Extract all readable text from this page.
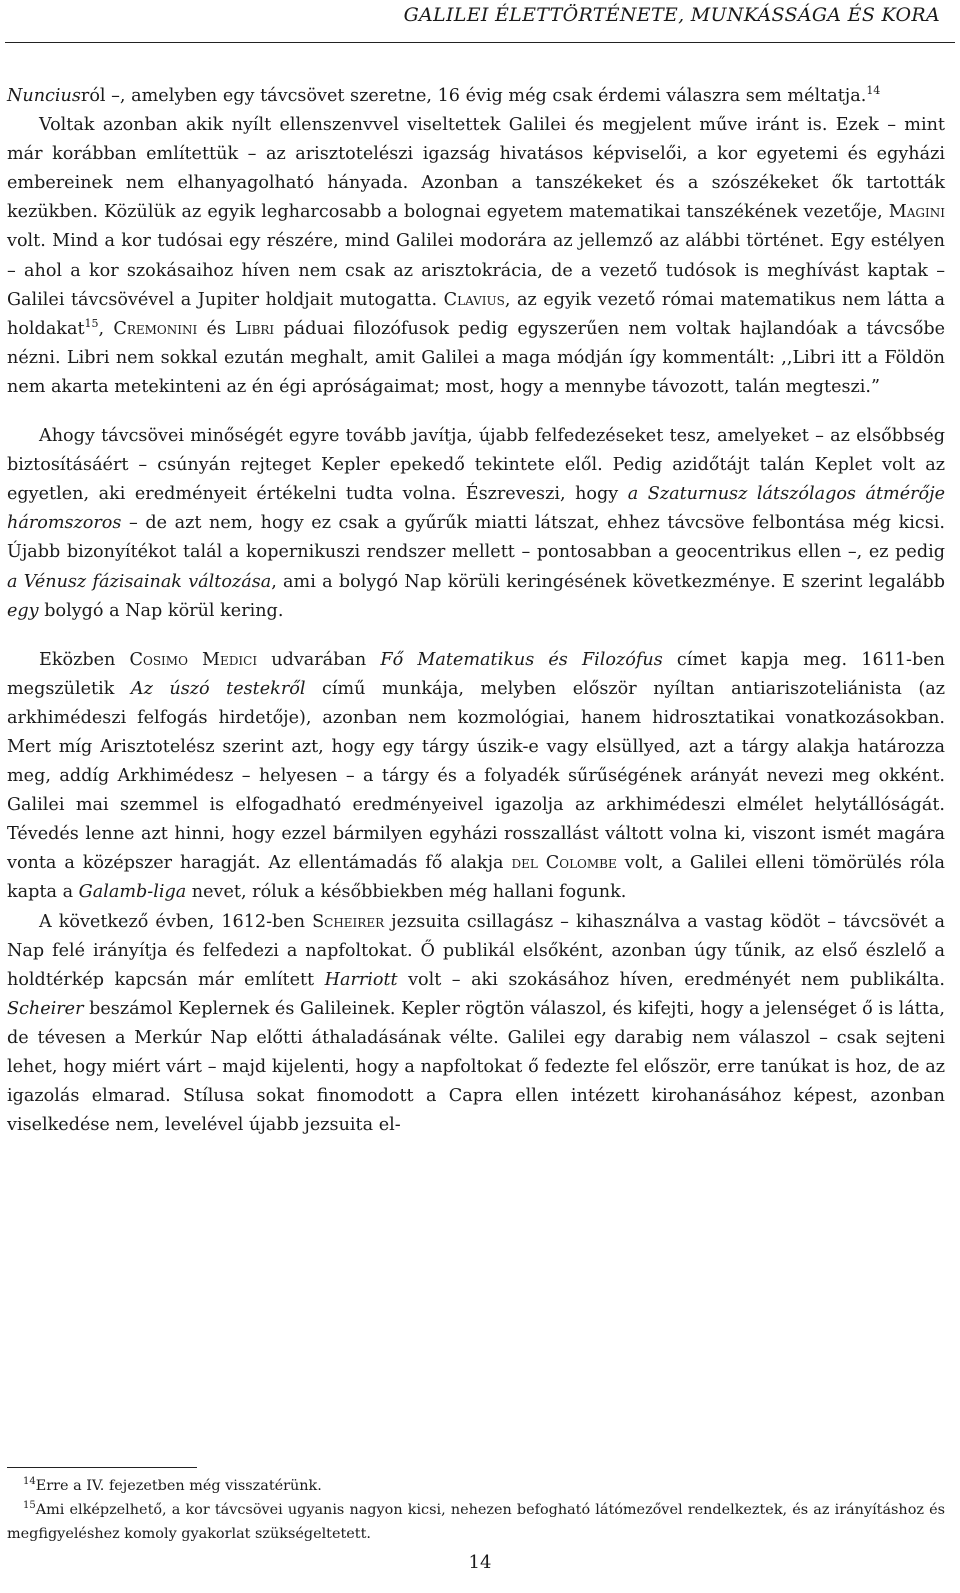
GALILEI ÉLETTÖRTÉNETE, MUNKÁSSÁGA ÉS KORA

Nunciusról –, amelyben egy távcsövet szeretne, 16 évig még csak érdemi válaszra sem méltatja.$^{14}$

Voltak azonban akik nyílt ellenszenvvel viseltettek Galilei és megjelent műve iránt is. Ezek – mint már korábban említettük – az arisztotelészi igazság hivatásos képviselői, a kor egyetemi és egyházi embereinek nem elhanyagolható hányada. Azonban a tanszékeket és a szószékeket ők tartották kezükben. Közülük az egyik legharcosabb a bolognai egyetem matematikai tanszékének vezetője, Magini volt. Mind a kor tudósai egy részére, mind Galilei modorára az jellemző az alábbi történet. Egy estélyen – ahol a kor szokásaihoz híven nem csak az arisztokrácia, de a vezető tudósok is meghívást kaptak – Galilei távcsövével a Jupiter holdjait mutogatta. Clavius, az egyik vezető római matematikus nem látta a holdakat$^{15}$, Cremonini és Libri páduai filozófusok pedig egyszerűen nem voltak hajlandóak a távcsőbe nézni. Libri nem sokkal ezután meghalt, amit Galilei a maga módján így kommentált: ,,Libri itt a Földön nem akarta metekinteni az én égi apróságaimat; most, hogy a mennybe távozott, talán megteszi.”

Ahogy távcsövei minőségét egyre tovább javítja, újabb felfedezéseket tesz, amelyeket – az elsőbbség biztosításáért – csúnyán rejteget Kepler epekedő tekintete elől. Pedig azidőtájt talán Keplet volt az egyetlen, aki eredményeit értékelni tudta volna. Észreveszi, hogy a Szaturnusz látszólagos átmérője háromszoros – de azt nem, hogy ez csak a gyűrűk miatti látszat, ehhez távcsöve felbontása még kicsi. Újabb bizonyítékot talál a kopernikuszi rendszer mellett – pontosabban a geocentrikus ellen –, ez pedig a Vénusz fázisainak változása, ami a bolygó Nap körüli keringésének következménye. E szerint legalább egy bolygó a Nap körül kering.

Eközben Cosimo Medici udvarában Fő Matematikus és Filozófus címet kapja meg. 1611-ben megszületik Az úszó testekről című munkája, melyben először nyíltan antiariszoteliánista (az arkhimédeszi felfogás hirdetője), azonban nem kozmológiai, hanem hidrosztatikai vonatkozásokban. Mert míg Arisztotelész szerint azt, hogy egy tárgy úszik-e vagy elsüllyed, azt a tárgy alakja határozza meg, addíg Arkhimédesz – helyesen – a tárgy és a folyadék sűrűségének arányát nevezi meg okként. Galilei mai szemmel is elfogadható eredményeivel igazolja az arkhimédeszi elmélet helytállóságát. Tévedés lenne azt hinni, hogy ezzel bármilyen egyházi rosszallást váltott volna ki, viszont ismét magára vonta a középszer haragját. Az ellentámadás fő alakja del Colombe volt, a Galilei elleni tömörülés róla kapta a Galamb-liga nevet, róluk a későbbiekben még hallani fogunk.

A következő évben, 1612-ben Scheirer jezsuita csillagász – kihasználva a vastag ködöt – távcsövét a Nap felé irányítja és felfedezi a napfoltokat. Ő publikál elsőként, azonban úgy tűnik, az első észlelő a holdtérkép kapcsán már említett Harriott volt – aki szokásához híven, eredményét nem publikálta. Scheirer beszámol Keplernek és Galileinek. Kepler rögtön válaszol, és kifejti, hogy a jelenséget ő is látta, de tévesen a Merkúr Nap előtti áthaladásának vélte. Galilei egy darabig nem válaszol – csak sejteni lehet, hogy miért várt – majd kijelenti, hogy a napfoltokat ő fedezte fel először, erre tanúkat is hoz, de az igazolás elmarad. Stílusa sokat finomodott a Capra ellen intézett kirohanásához képest, azonban viselkedése nem, levelével újabb jezsuita el-

$^{14}$Erre a IV. fejezetben még visszatérünk.

$^{15}$Ami elképzelhető, a kor távcsövei ugyanis nagyon kicsi, nehezen befogható látómezővel rendelkeztek, és az irányításhoz és megfigyeléshez komoly gyakorlat szükségeltetett.

14
